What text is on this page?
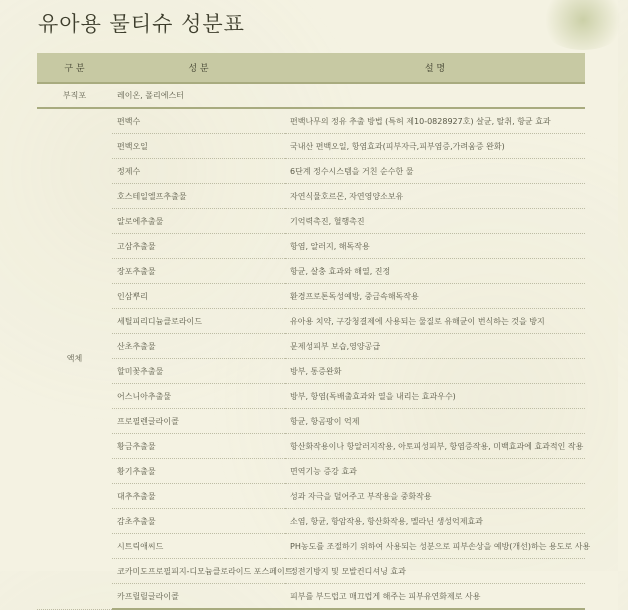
유아용 물티슈 성분표
구 분	성 분	설 명
부직포	레이온, 폴리에스터	
액체	편백수	편백나무의 정유 추출 방법 (특허 제10-0828927호) 살균, 탈취, 항균 효과
	편백오일	국내산 편백오일, 항염효과(피부자극,피부염증,가려움증 완화)
	정제수	6단계 정수시스템을 거친 순수한 물
	호스테일엘프추출물	자연식물호르몬, 자연영양소보유
	알로에추출물	기억력촉진, 혈행촉진
	고삼추출물	항염, 알러지, 해독작용
	장포추출물	항균, 살충 효과와 해열, 진정
	인삼뿌리	환경프로톤독성예방, 중금속해독작용
	세틸피리디늄클로라이드	유아용 치약, 구강청결제에 사용되는 물질로 유해균이 번식하는 것을 방지
	산초추출물	문제성피부 보습,영양공급
	할미꽃추출물	방부, 통증완화
	어스니아추출물	방부, 항염(독배출효과와 열을 내리는 효과우수)
	프로필렌글라이콜	항균, 항곰팡이 억제
	황금추출물	항산화작용이나 항알러지작용, 아토피성피부, 항염증작용, 미백효과에 효과적인 작용
	황기추출물	면역기능 증강 효과
	대추추출물	성과 자극을 덜어주고 부작용을 중화작용
	감초추출물	소염, 항균, 항암작용, 항산화작용, 멜라닌 생성억제효과
	시트릭애씨드	PH농도를 조절하기 위하여 사용되는 성분으로 피부손상을 예방(개선)하는 용도로 사용
	코카미도프로필피지-디모늄클로라이드 포스페이트	정전기방지 및 모발컨디셔닝 효과
	카프릴릴글라이콜	피부를 부드럽고 매끄럽게 해주는 피부유연화제로 사용
